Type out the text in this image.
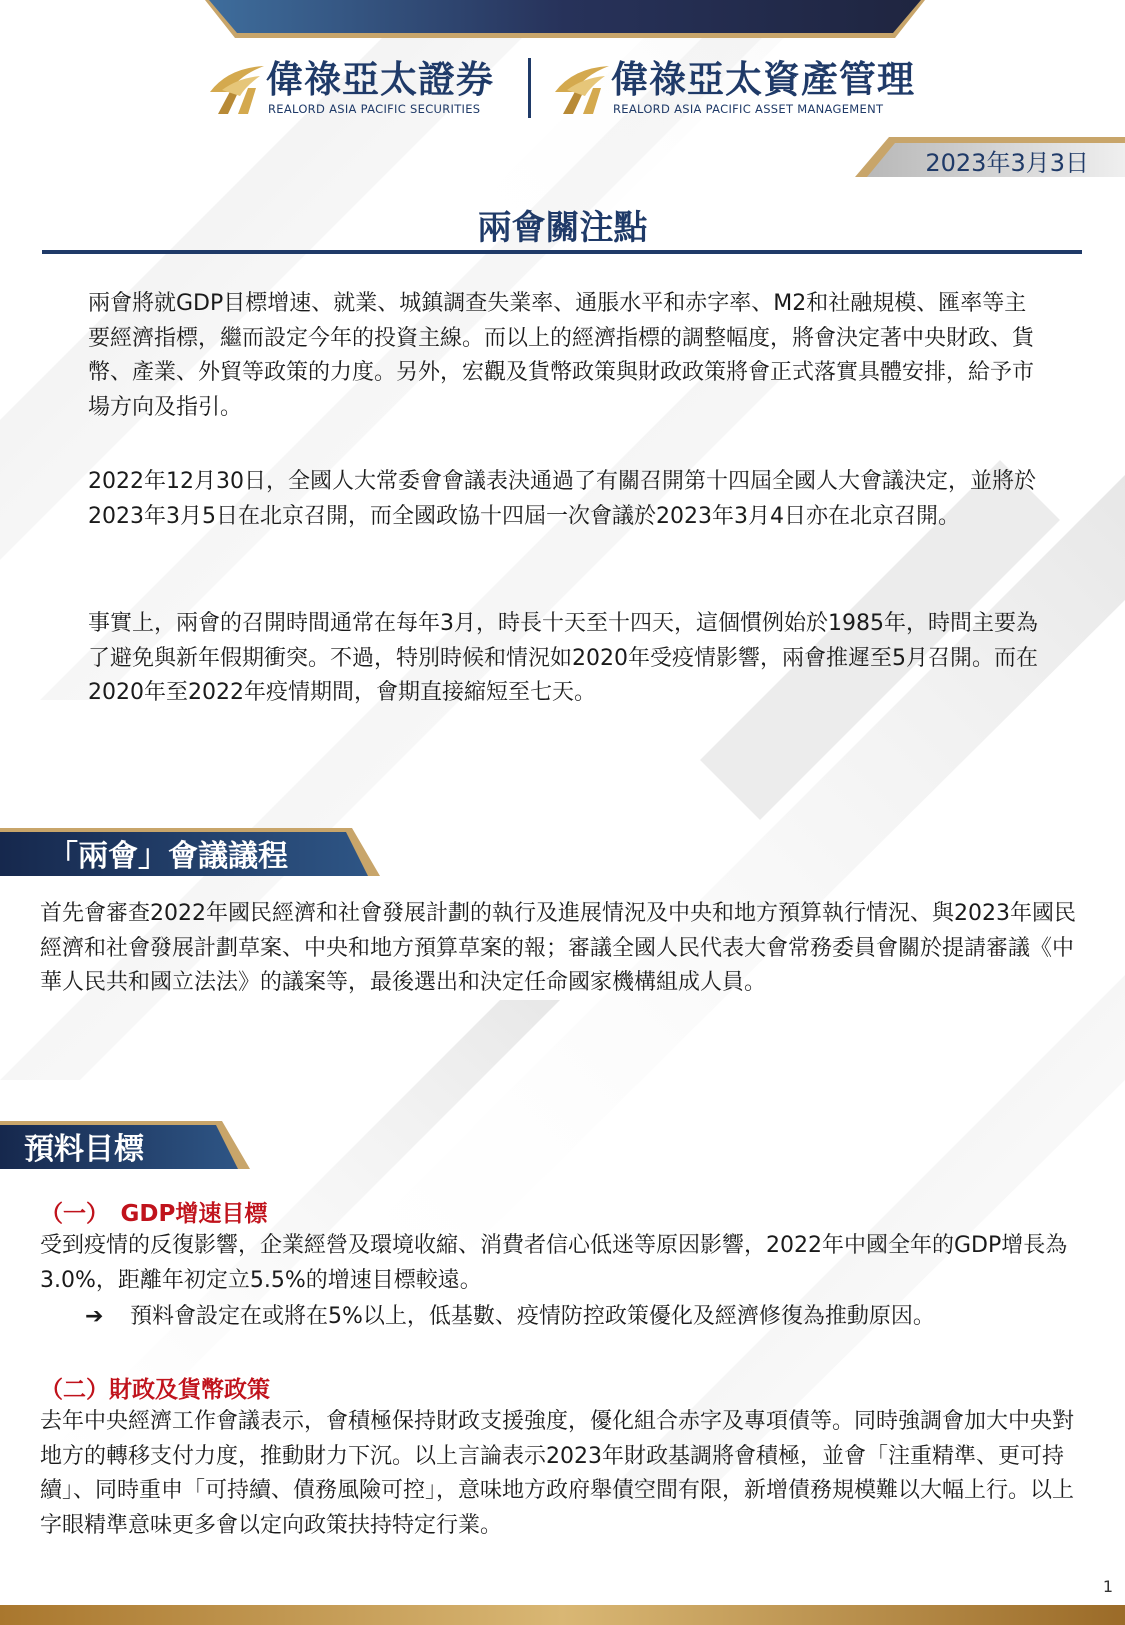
偉祿亞太證券
REALORD ASIA PACIFIC SECURITIES
偉祿亞太資產管理
REALORD ASIA PACIFIC ASSET MANAGEMENT
2023年3月3日
兩會關注點
兩會將就GDP目標增速、就業、城鎮調查失業率、通脹水平和赤字率、M2和社融規模、匯率等主要經濟指標，繼而設定今年的投資主線。而以上的經濟指標的調整幅度，將會決定著中央財政、貨幣、產業、外貿等政策的力度。另外，宏觀及貨幣政策與財政政策將會正式落實具體安排，給予市場方向及指引。
2022年12月30日，全國人大常委會會議表決通過了有關召開第十四屆全國人大會議決定，並將於2023年3月5日在北京召開，而全國政協十四屆一次會議於2023年3月4日亦在北京召開。
事實上，兩會的召開時間通常在每年3月，時長十天至十四天，這個慣例始於1985年，時間主要為了避免與新年假期衝突。不過，特別時候和情況如2020年受疫情影響，兩會推遲至5月召開。而在2020年至2022年疫情期間，會期直接縮短至七天。
「兩會」會議議程
首先會審查2022年國民經濟和社會發展計劃的執行及進展情況及中央和地方預算執行情況、與2023年國民經濟和社會發展計劃草案、中央和地方預算草案的報；審議全國人民代表大會常務委員會關於提請審議《中華人民共和國立法法》的議案等，最後選出和決定任命國家機構組成人員。
預料目標
（一）　GDP增速目標
受到疫情的反復影響，企業經營及環境收縮、消費者信心低迷等原因影響，2022年中國全年的GDP增長為3.0%，距離年初定立5.5%的增速目標較遠。
➔ 預料會設定在或將在5%以上，低基數、疫情防控政策優化及經濟修復為推動原因。
（二）財政及貨幣政策
去年中央經濟工作會議表示，會積極保持財政支援強度，優化組合赤字及專項債等。同時強調會加大中央對地方的轉移支付力度，推動財力下沉。以上言論表示2023年財政基調將會積極，並會「注重精準、更可持續」、同時重申「可持續、債務風險可控」，意味地方政府舉債空間有限，新增債務規模難以大幅上行。以上字眼精準意味更多會以定向政策扶持特定行業。
1
